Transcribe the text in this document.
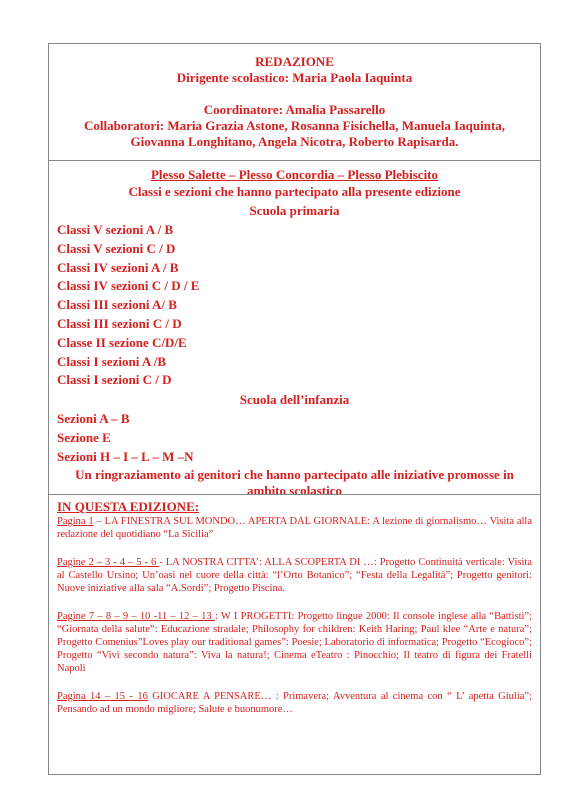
REDAZIONE
Dirigente scolastico: Maria Paola Iaquinta
Coordinatore: Amalia Passarello
Collaboratori: Maria Grazia Astone, Rosanna Fisichella, Manuela Iaquinta,
Giovanna Longhitano, Angela Nicotra, Roberto Rapisarda.
Plesso Salette – Plesso Concordia – Plesso Plebiscito
Classi e sezioni che hanno partecipato alla presente edizione
Scuola primaria
Classi V sezioni A / B
Classi V sezioni C / D
Classi IV sezioni A / B
Classi IV sezioni C / D / E
Classi III sezioni A/ B
Classi III sezioni C / D
Classe II sezione C/D/E
Classi I sezioni A /B
Classi I sezioni C / D
Scuola dell’infanzia
Sezioni A – B
Sezione E
Sezioni H – I – L – M –N
Un ringraziamento ai genitori che hanno partecipato alle iniziative promosse in
ambito scolastico
IN QUESTA EDIZIONE:

Pagina 1 – LA FINESTRA SUL MONDO… APERTA DAL GIORNALE: A lezione di giornalismo… Visita alla redazione del quotidiano “La Sicilia”

Pagine 2 – 3 - 4 – 5 - 6 - LA NOSTRA CITTA’: ALLA SCOPERTA DI …: Progetto Continuità verticale: Visita al Castello Ursino; Un’oasi nel cuore della città: “l’Orto Botanico”; “Festa della Legalità”; Progetto genitori: Nuove iniziative alla sala “A.Sordi”; Progetto Piscina.

Pagine 7 – 8 – 9 – 10 -11 – 12 – 13 : W I PROGETTI: Progetto lingue 2000: Il console inglese alla “Battisti”; “Giornata della salute”: Educazione stradale; Philosophy for children: Keith Haring; Paul klee “Arte e natura”; Progetto Comenius”Loves play our traditional games”: Poesie; Laboratorio di informatica; Progetto “Ecogioco”; Progetto “Vivi secondo natura”: Viva la natura!; Cinema eTeatro : Pinocchio; Il teatro di figura dei Fratelli Napoli

Pagina 14 – 15 - 16 GIOCARE A PENSARE… : Primavera; Avventura al cinema con “ L’ apetta Giulia”; Pensando ad un mondo migliore; Salute e buonumore…
